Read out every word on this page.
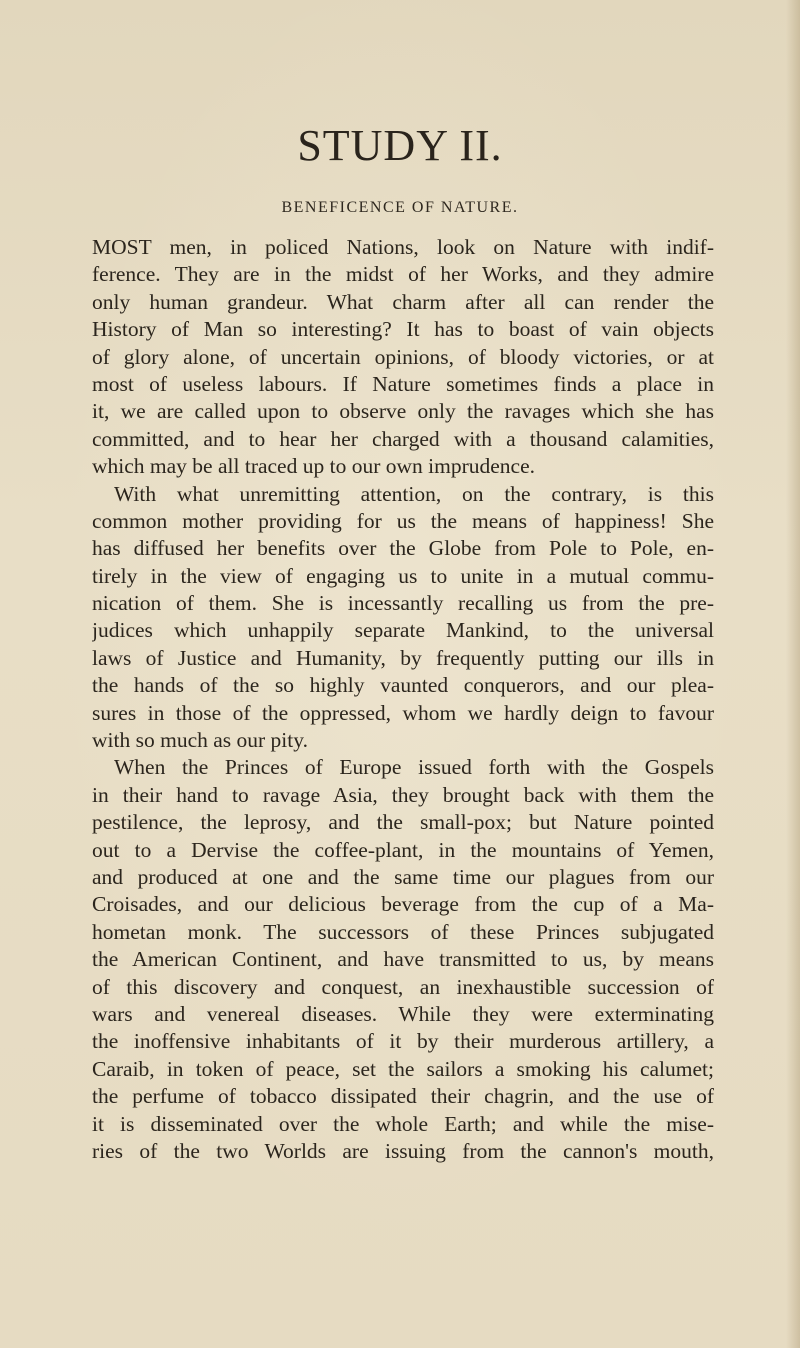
STUDY II.
BENEFICENCE OF NATURE.
MOST men, in policed Nations, look on Nature with indif-
ference. They are in the midst of her Works, and they admire
only human grandeur. What charm after all can render the
History of Man so interesting? It has to boast of vain objects
of glory alone, of uncertain opinions, of bloody victories, or at
most of useless labours. If Nature sometimes finds a place in
it, we are called upon to observe only the ravages which she has
committed, and to hear her charged with a thousand calamities,
which may be all traced up to our own imprudence.
With what unremitting attention, on the contrary, is this
common mother providing for us the means of happiness! She
has diffused her benefits over the Globe from Pole to Pole, en-
tirely in the view of engaging us to unite in a mutual commu-
nication of them. She is incessantly recalling us from the pre-
judices which unhappily separate Mankind, to the universal
laws of Justice and Humanity, by frequently putting our ills in
the hands of the so highly vaunted conquerors, and our plea-
sures in those of the oppressed, whom we hardly deign to favour
with so much as our pity.
When the Princes of Europe issued forth with the Gospels
in their hand to ravage Asia, they brought back with them the
pestilence, the leprosy, and the small-pox; but Nature pointed
out to a Dervise the coffee-plant, in the mountains of Yemen,
and produced at one and the same time our plagues from our
Croisades, and our delicious beverage from the cup of a Ma-
hometan monk. The successors of these Princes subjugated
the American Continent, and have transmitted to us, by means
of this discovery and conquest, an inexhaustible succession of
wars and venereal diseases. While they were exterminating
the inoffensive inhabitants of it by their murderous artillery, a
Caraib, in token of peace, set the sailors a smoking his calumet;
the perfume of tobacco dissipated their chagrin, and the use of
it is disseminated over the whole Earth; and while the mise-
ries of the two Worlds are issuing from the cannon's mouth,
